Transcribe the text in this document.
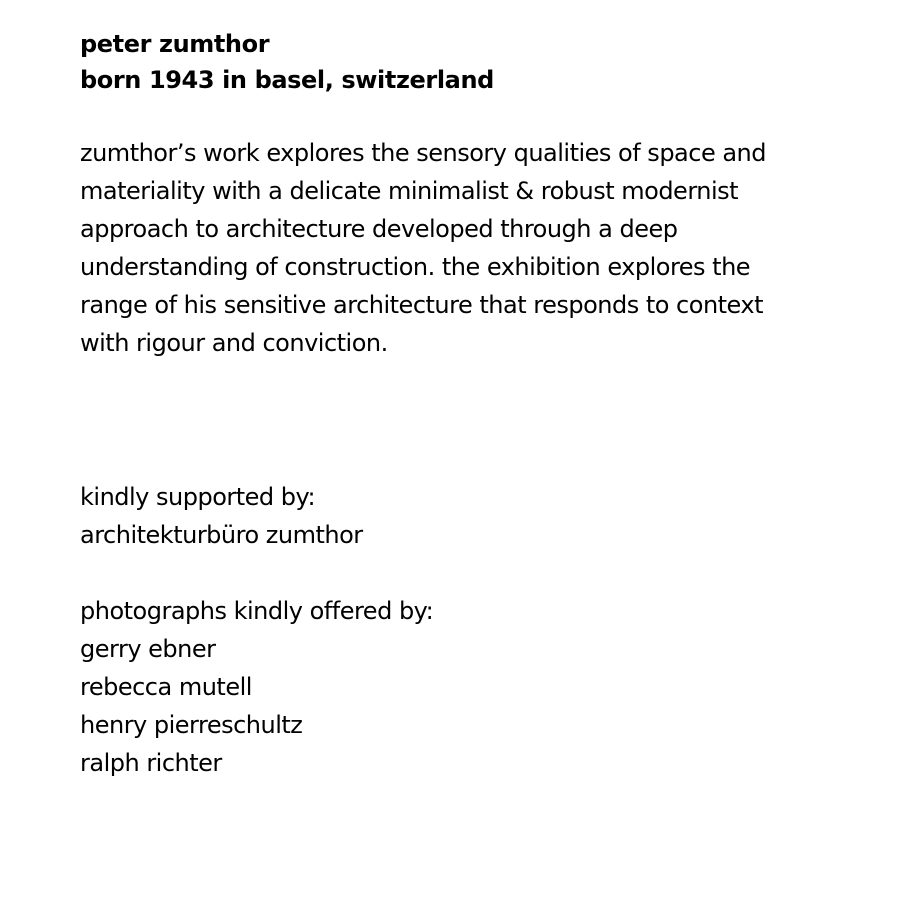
peter zumthor
born 1943 in basel, switzerland

zumthor’s work explores the sensory qualities of space and
materiality with a delicate minimalist & robust modernist
approach to architecture developed through a deep
understanding of construction. the exhibition explores the
range of his sensitive architecture that responds to context
with rigour and conviction.

kindly supported by:
architekturbüro zumthor
photographs kindly offered by:
gerry ebner
rebecca mutell
henry pierreschultz
ralph richter
